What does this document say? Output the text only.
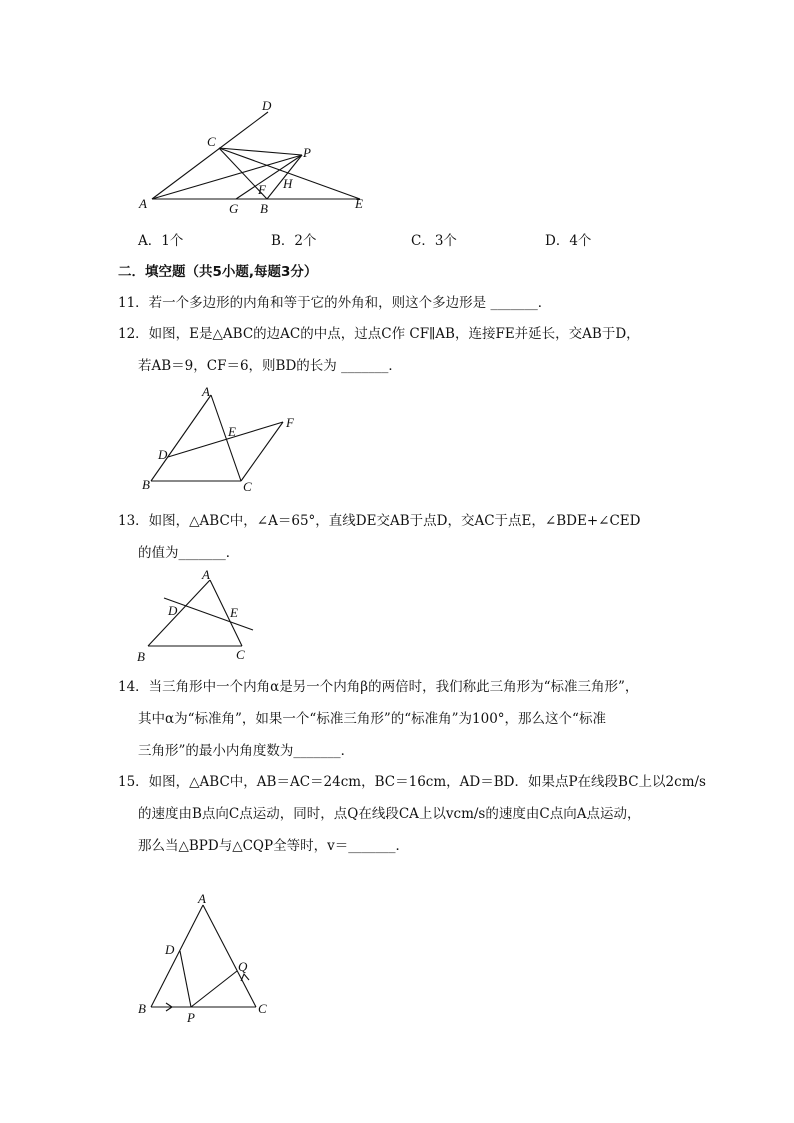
D
C
P
H
F
A	G B	E
A．1个	B．2个	C．3个	D．4个
二．填空题（共5小题,每题3分）
11．若一个多边形的内角和等于它的外角和，则这个多边形是 _______．
12．如图，E是△ABC的边AC的中点，过点C作 CF∥AB，连接FE并延长，交AB于D，
若AB＝9，CF＝6，则BD的长为 _______．
A
E
F
D
B	C
13．如图，△ABC中，∠A＝65°，直线DE交AB于点D，交AC于点E，∠BDE+∠CED
的值为_______．
A
D	E
B	C
14．当三角形中一个内角α是另一个内角β的两倍时，我们称此三角形为“标准三角形”，
其中α为“标准角”，如果一个“标准三角形”的“标准角”为100°，那么这个“标准
三角形”的最小内角度数为_______．
15．如图，△ABC中，AB＝AC＝24cm，BC＝16cm，AD＝BD．如果点P在线段BC上以2cm/s
的速度由B点向C点运动，同时，点Q在线段CA上以vcm/s的速度由C点向A点运动，
那么当△BPD与△CQP全等时，v＝_______．
A
D
Q
B
P
C
